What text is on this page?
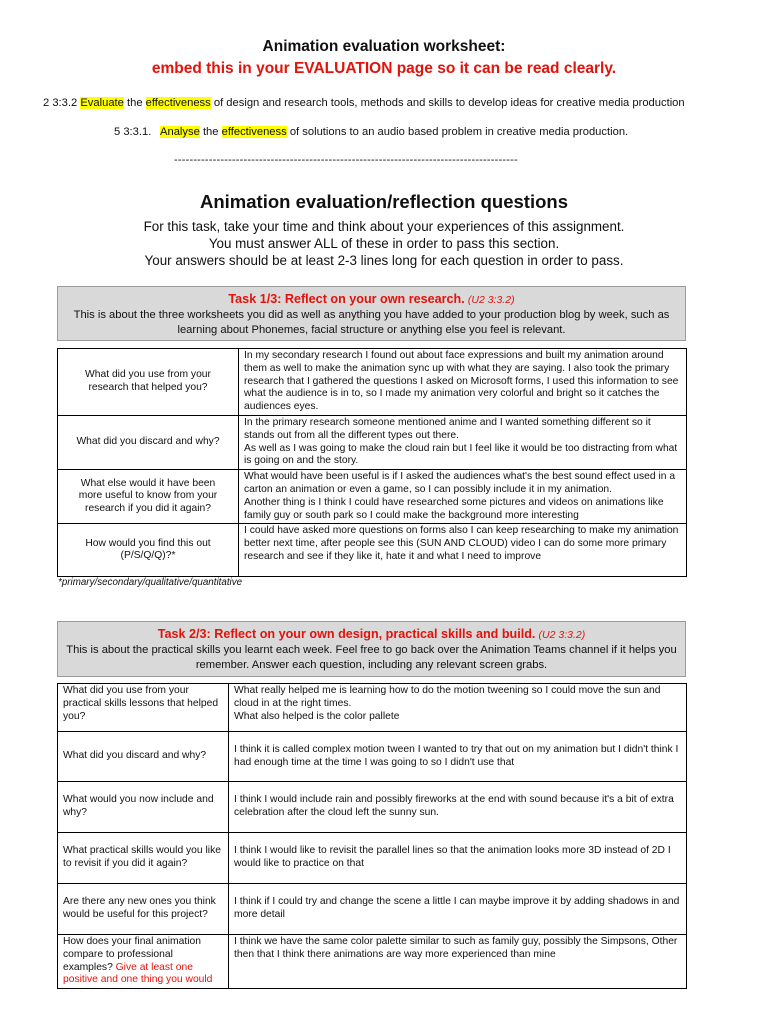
Animation evaluation worksheet:
embed this in your EVALUATION page so it can be read clearly.
2 3:3.2 Evaluate the effectiveness of design and research tools, methods and skills to develop ideas for creative media production
5 3:3.1.   Analyse the effectiveness of solutions to an audio based problem in creative media production.
-----------------------------------------------------------------------------------------
Animation evaluation/reflection questions
For this task, take your time and think about your experiences of this assignment.
You must answer ALL of these in order to pass this section.
Your answers should be at least 2-3 lines long for each question in order to pass.
Task 1/3: Reflect on your own research. (U2 3:3.2)
This is about the three worksheets you did as well as anything you have added to your production blog by week, such as learning about Phonemes, facial structure or anything else you feel is relevant.
What did you use from your research that helped you?	In my secondary research I found out about face expressions and built my animation around them as well to make the animation sync up with what they are saying. I also took the primary research that I gathered the questions I asked on Microsoft forms, I used this information to see what the audience is in to, so I made my animation very colorful and bright so it catches the audiences eyes.
What did you discard and why?	In the primary research someone mentioned anime and I wanted something different so it stands out from all the different types out there.
As well as I was going to make the cloud rain but I feel like it would be too distracting from what is going on and the story.
What else would it have been more useful to know from your research if you did it again?	What would have been useful is if I asked the audiences what's the best sound effect used in a carton an animation or even a game, so I can possibly include it in my animation.
Another thing is I think I could have researched some pictures and videos on animations like family guy or south park so I could make the background more interesting
How would you find this out (P/S/Q/Q)?*	I could have asked more questions on forms also I can keep researching to make my animation better next time, after people see this (SUN AND CLOUD) video I can do some more primary research and see if they like it, hate it and what I need to improve
*primary/secondary/qualitative/quantitative
Task 2/3: Reflect on your own design, practical skills and build. (U2 3:3.2)
This is about the practical skills you learnt each week. Feel free to go back over the Animation Teams channel if it helps you remember. Answer each question, including any relevant screen grabs.
What did you use from your practical skills lessons that helped you?	What really helped me is learning how to do the motion tweening so I could move the sun and cloud in at the right times.
What also helped is the color pallete
What did you discard and why?	I think it is called complex motion tween I wanted to try that out on my animation but I didn't think I had enough time at the time I was going to so I didn't use that
What would you now include and why?	I think I would include rain and possibly fireworks at the end with sound because it's a bit of extra celebration after the cloud left the sunny sun.
What practical skills would you like to revisit if you did it again?	I think I would like to revisit the parallel lines so that the animation looks more 3D instead of 2D I would like to practice on that
Are there any new ones you think would be useful for this project?	I think if I could try and change the scene a little I can maybe improve it by adding shadows in and more detail
How does your final animation compare to professional examples? Give at least one positive and one thing you would	I think we have the same color palette similar to such as family guy, possibly the Simpsons, Other then that I think there animations are way more experienced than mine
